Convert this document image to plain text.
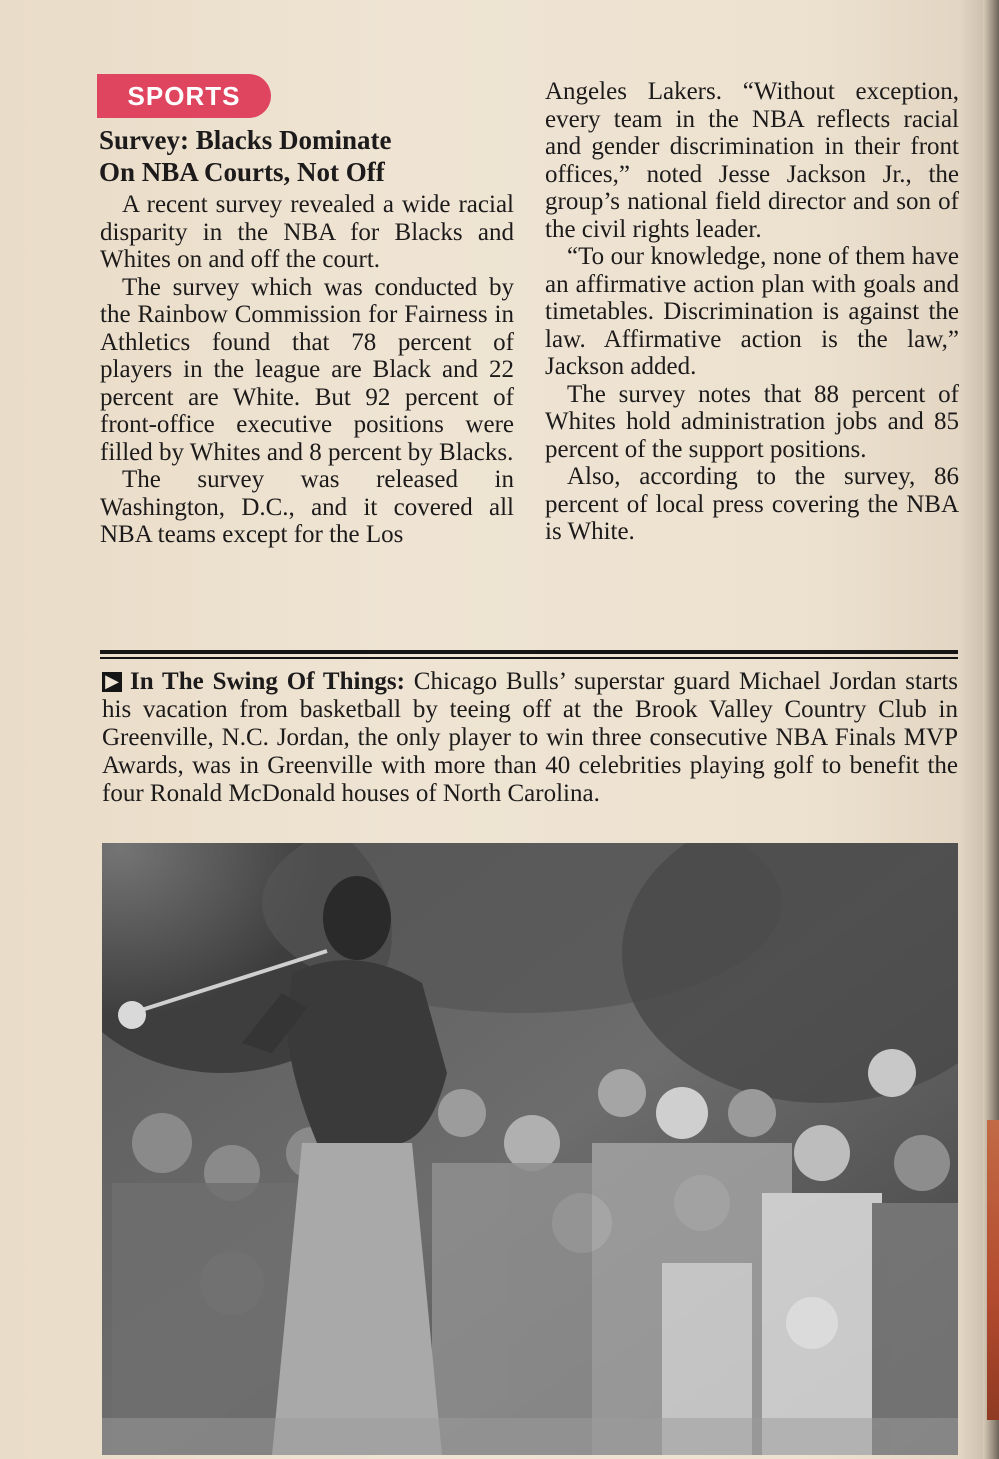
SPORTS
Survey: Blacks Dominate
On NBA Courts, Not Off

A recent survey revealed a wide racial disparity in the NBA for Blacks and Whites on and off the court.

The survey which was conducted by the Rainbow Commission for Fairness in Athletics found that 78 percent of players in the league are Black and 22 percent are White. But 92 percent of front-office executive positions were filled by Whites and 8 percent by Blacks.

The survey was released in Washington, D.C., and it covered all NBA teams except for the Los

Angeles Lakers. “Without exception, every team in the NBA reflects racial and gender discrimination in their front offices,” noted Jesse Jackson Jr., the group’s national field director and son of the civil rights leader.

“To our knowledge, none of them have an affirmative action plan with goals and timetables. Discrimination is against the law. Affirmative action is the law,” Jackson added.

The survey notes that 88 percent of Whites hold administration jobs and 85 percent of the support positions.

Also, according to the survey, 86 percent of local press covering the NBA is White.

▶ In The Swing Of Things: Chicago Bulls’ superstar guard Michael Jordan starts his vacation from basketball by teeing off at the Brook Valley Country Club in Greenville, N.C. Jordan, the only player to win three consecutive NBA Finals MVP Awards, was in Greenville with more than 40 celebrities playing golf to benefit the four Ronald McDonald houses of North Carolina.
